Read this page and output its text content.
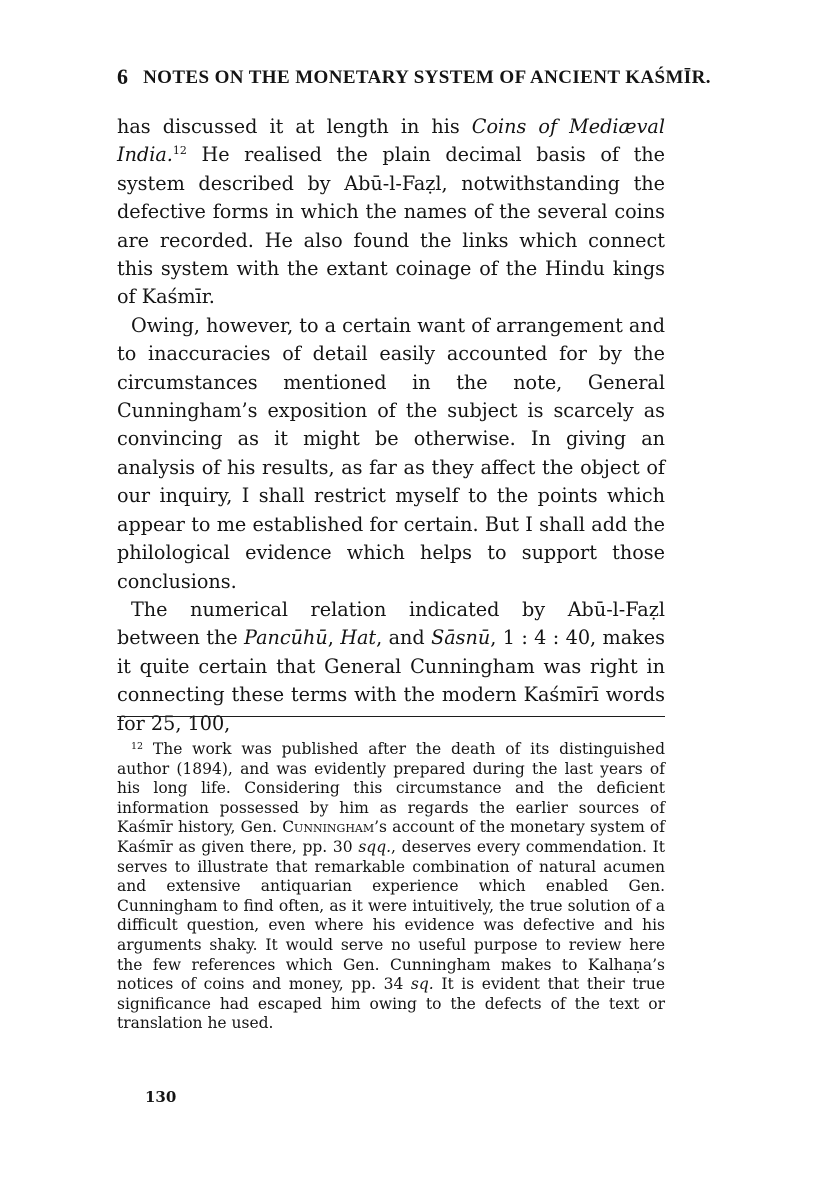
6 NOTES ON THE MONETARY SYSTEM OF ANCIENT KAŚMĪR.

has discussed it at length in his Coins of Mediæval India.$^{12}$ He realised the plain decimal basis of the system described by Abū-l-Faẓl, notwithstanding the defective forms in which the names of the several coins are recorded. He also found the links which connect this system with the extant coinage of the Hindu kings of Kaśmīr.

Owing, however, to a certain want of arrangement and to inaccuracies of detail easily accounted for by the circumstances mentioned in the note, General Cunningham’s exposition of the subject is scarcely as convincing as it might be otherwise. In giving an analysis of his results, as far as they affect the object of our inquiry, I shall restrict myself to the points which appear to me established for certain. But I shall add the philological evidence which helps to support those conclusions.

The numerical relation indicated by Abū-l-Faẓl between the Pancūhū, Hat, and Sāsnū, 1 : 4 : 40, makes it quite certain that General Cunningham was right in connecting these terms with the modern Kaśmīrī words for 25, 100,

$^{12}$ The work was published after the death of its distinguished author (1894), and was evidently prepared during the last years of his long life. Considering this circumstance and the deficient information possessed by him as regards the earlier sources of Kaśmīr history, Gen. Cunningham’s account of the monetary system of Kaśmīr as given there, pp. 30 sqq., deserves every commendation. It serves to illustrate that remarkable combination of natural acumen and extensive antiquarian experience which enabled Gen. Cunningham to find often, as it were intuitively, the true solution of a difficult question, even where his evidence was defective and his arguments shaky. It would serve no useful purpose to review here the few references which Gen. Cunningham makes to Kalhaṇa’s notices of coins and money, pp. 34 sq. It is evident that their true significance had escaped him owing to the defects of the text or translation he used.

130
